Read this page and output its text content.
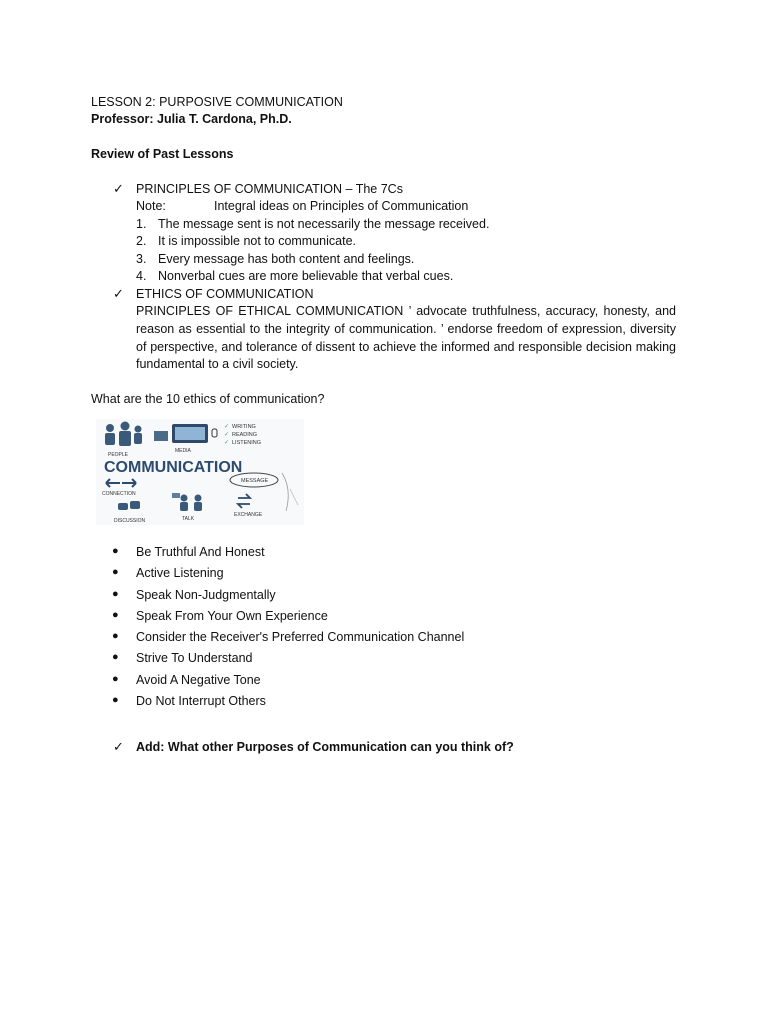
LESSON 2: PURPOSIVE COMMUNICATION
Professor: Julia T. Cardona, Ph.D.
Review of Past Lessons
✓ PRINCIPLES OF COMMUNICATION – The 7Cs
Note:	Integral ideas on Principles of Communication
1. The message sent is not necessarily the message received.
2. It is impossible not to communicate.
3. Every message has both content and feelings.
4. Nonverbal cues are more believable that verbal cues.
✓ ETHICS OF COMMUNICATION
PRINCIPLES OF ETHICAL COMMUNICATION ’ advocate truthfulness, accuracy, honesty, and reason as essential to the integrity of communication. ’ endorse freedom of expression, diversity of perspective, and tolerance of dissent to achieve the informed and responsible decision making fundamental to a civil society.
What are the 10 ethics of communication?
PEOPLE
MEDIA
✓ WRITING
✓ READING
✓ LISTENING
COMMUNICATION
MESSAGE
CONNECTION
TALK
DISCUSSION
EXCHANGE
●	Be Truthful And Honest
●	Active Listening
●	Speak Non-Judgmentally
●	Speak From Your Own Experience
●	Consider the Receiver's Preferred Communication Channel
●	Strive To Understand
●	Avoid A Negative Tone
●	Do Not Interrupt Others
✓ Add: What other Purposes of Communication can you think of?
